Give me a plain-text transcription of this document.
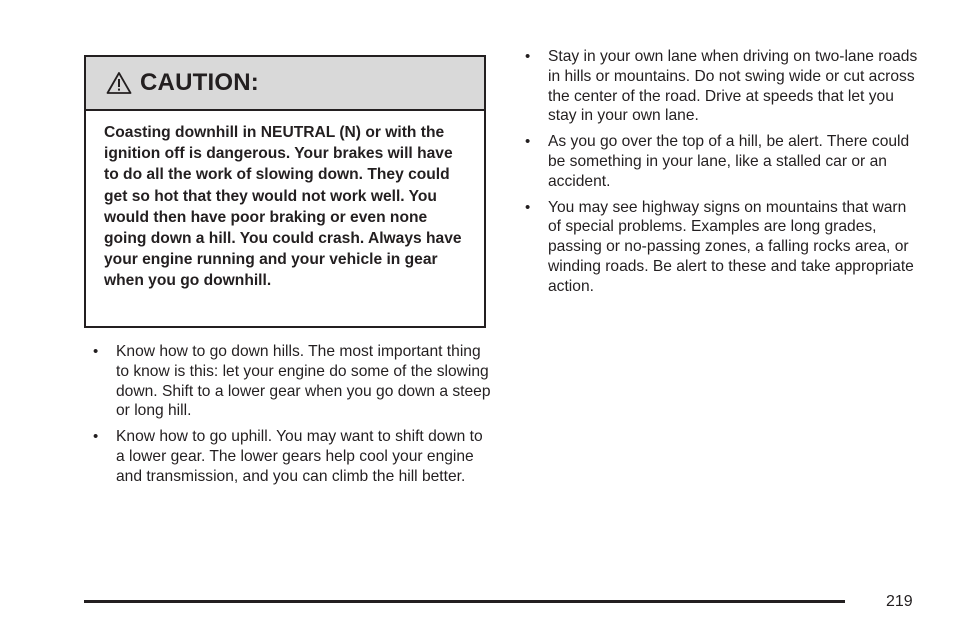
CAUTION:
Coasting downhill in NEUTRAL (N) or with the ignition off is dangerous. Your brakes will have to do all the work of slowing down. They could get so hot that they would not work well. You would then have poor braking or even none going down a hill. You could crash. Always have your engine running and your vehicle in gear when you go downhill.
• Know how to go down hills. The most important thing to know is this: let your engine do some of the slowing down. Shift to a lower gear when you go down a steep or long hill.
• Know how to go uphill. You may want to shift down to a lower gear. The lower gears help cool your engine and transmission, and you can climb the hill better.
• Stay in your own lane when driving on two-lane roads in hills or mountains. Do not swing wide or cut across the center of the road. Drive at speeds that let you stay in your own lane.
• As you go over the top of a hill, be alert. There could be something in your lane, like a stalled car or an accident.
• You may see highway signs on mountains that warn of special problems. Examples are long grades, passing or no-passing zones, a falling rocks area, or winding roads. Be alert to these and take appropriate action.
219
